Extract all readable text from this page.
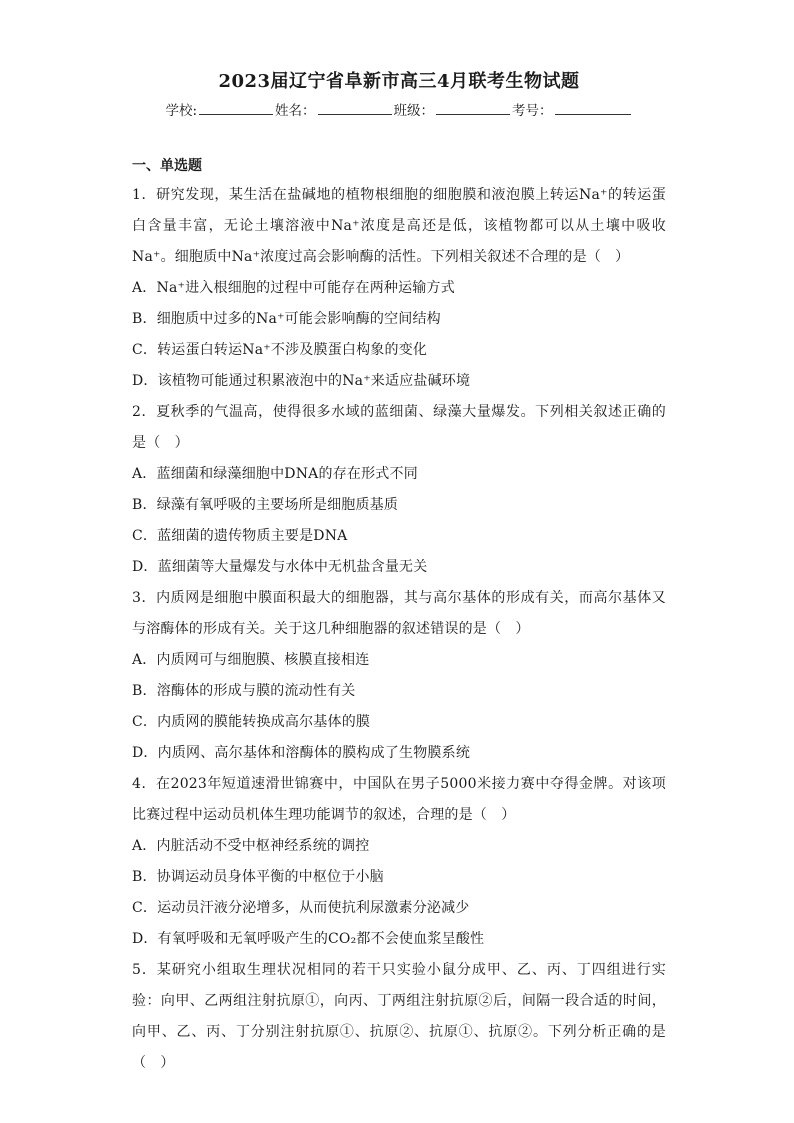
2023届辽宁省阜新市高三4月联考生物试题
学校:	姓名：	班级：	考号：
一、单选题

1．研究发现，某生活在盐碱地的植物根细胞的细胞膜和液泡膜上转运Na⁺的转运蛋白含量丰富，无论土壤溶液中Na⁺浓度是高还是低，该植物都可以从土壤中吸收Na⁺。细胞质中Na⁺浓度过高会影响酶的活性。下列相关叙述不合理的是（　）

A．Na⁺进入根细胞的过程中可能存在两种运输方式

B．细胞质中过多的Na⁺可能会影响酶的空间结构

C．转运蛋白转运Na⁺不涉及膜蛋白构象的变化

D．该植物可能通过积累液泡中的Na⁺来适应盐碱环境

2．夏秋季的气温高，使得很多水域的蓝细菌、绿藻大量爆发。下列相关叙述正确的是（　）

A．蓝细菌和绿藻细胞中DNA的存在形式不同

B．绿藻有氧呼吸的主要场所是细胞质基质

C．蓝细菌的遗传物质主要是DNA

D．蓝细菌等大量爆发与水体中无机盐含量无关

3．内质网是细胞中膜面积最大的细胞器，其与高尔基体的形成有关，而高尔基体又与溶酶体的形成有关。关于这几种细胞器的叙述错误的是（　）

A．内质网可与细胞膜、核膜直接相连

B．溶酶体的形成与膜的流动性有关

C．内质网的膜能转换成高尔基体的膜

D．内质网、高尔基体和溶酶体的膜构成了生物膜系统

4．在2023年短道速滑世锦赛中，中国队在男子5000米接力赛中夺得金牌。对该项比赛过程中运动员机体生理功能调节的叙述，合理的是（　）

A．内脏活动不受中枢神经系统的调控

B．协调运动员身体平衡的中枢位于小脑

C．运动员汗液分泌增多，从而使抗利尿激素分泌减少

D．有氧呼吸和无氧呼吸产生的CO₂都不会使血浆呈酸性

5．某研究小组取生理状况相同的若干只实验小鼠分成甲、乙、丙、丁四组进行实验：向甲、乙两组注射抗原①，向丙、丁两组注射抗原②后，间隔一段合适的时间，向甲、乙、丙、丁分别注射抗原①、抗原②、抗原①、抗原②。下列分析正确的是（　）
